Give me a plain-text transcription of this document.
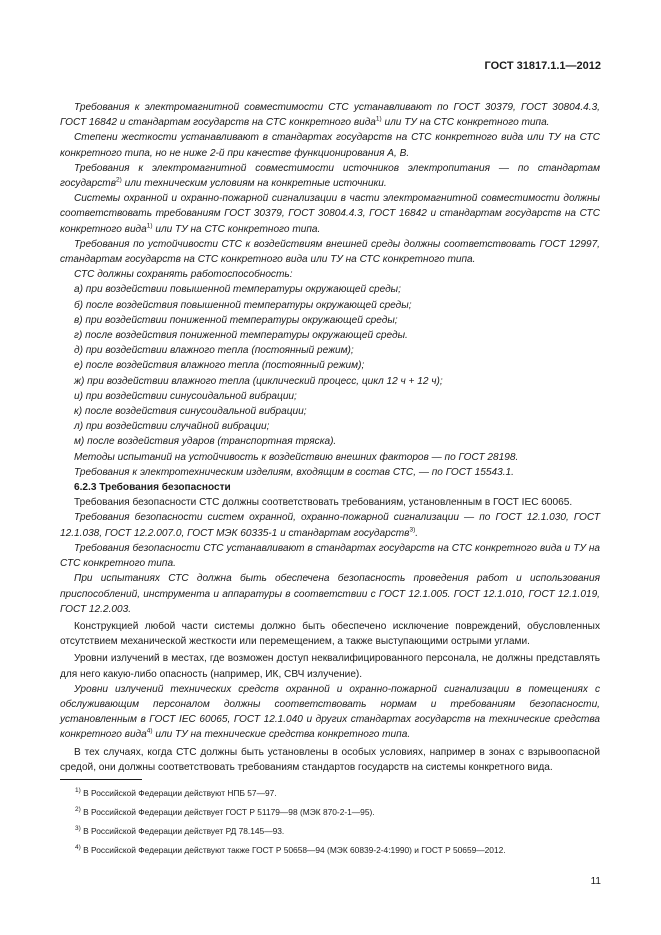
ГОСТ 31817.1.1—2012

Требования к электромагнитной совместимости СТС устанавливают по ГОСТ 30379, ГОСТ 30804.4.3, ГОСТ 16842 и стандартам государств на СТС конкретного вида$^{1)}$ или ТУ на СТС конкретного типа.

Степени жесткости устанавливают в стандартах государств на СТС конкретного вида или ТУ на СТС конкретного типа, но не ниже 2-й при качестве функционирования А, В.

Требования к электромагнитной совместимости источников электропитания — по стандартам государств$^{2)}$ или техническим условиям на конкретные источники.

Системы охранной и охранно-пожарной сигнализации в части электромагнитной совместимости должны соответствовать требованиям ГОСТ 30379, ГОСТ 30804.4.3, ГОСТ 16842 и стандартам государств на СТС конкретного вида$^{1)}$ или ТУ на СТС конкретного типа.

Требования по устойчивости СТС к воздействиям внешней среды должны соответствовать ГОСТ 12997, стандартам государств на СТС конкретного вида или ТУ на СТС конкретного типа.

СТС должны сохранять работоспособность:

а) при воздействии повышенной температуры окружающей среды;

б) после воздействия повышенной температуры окружающей среды;

в) при воздействии пониженной температуры окружающей среды;

г) после воздействия пониженной температуры окружающей среды.

д) при воздействии влажного тепла (постоянный режим);

е) после воздействия влажного тепла (постоянный режим);

ж) при воздействии влажного тепла (циклический процесс, цикл 12 ч + 12 ч);

и) при воздействии синусоидальной вибрации;

к) после воздействия синусоидальной вибрации;

л) при воздействии случайной вибрации;

м) после воздействия ударов (транспортная тряска).

Методы испытаний на устойчивость к воздействию внешних факторов — по ГОСТ 28198.

Требования к электротехническим изделиям, входящим в состав СТС, — по ГОСТ 15543.1.

6.2.3 Требования безопасности

Требования безопасности СТС должны соответствовать требованиям, установленным в ГОСТ IEC 60065.

Требования безопасности систем охранной, охранно-пожарной сигнализации — по ГОСТ 12.1.030, ГОСТ 12.1.038, ГОСТ 12.2.007.0, ГОСТ МЭК 60335-1 и стандартам государств$^{3)}$.

Требования безопасности СТС устанавливают в стандартах государств на СТС конкретного вида и ТУ на СТС конкретного типа.

При испытаниях СТС должна быть обеспечена безопасность проведения работ и использования приспособлений, инструмента и аппаратуры в соответствии с ГОСТ 12.1.005. ГОСТ 12.1.010, ГОСТ 12.1.019, ГОСТ 12.2.003.

Конструкцией любой части системы должно быть обеспечено исключение повреждений, обусловленных отсутствием механической жесткости или перемещением, а также выступающими острыми углами.

Уровни излучений в местах, где возможен доступ неквалифицированного персонала, не должны представлять для него какую-либо опасность (например, ИК, СВЧ излучение).

Уровни излучений технических средств охранной и охранно-пожарной сигнализации в помещениях с обслуживающим персоналом должны соответствовать нормам и требованиям безопасности, установленным в ГОСТ IEC 60065, ГОСТ 12.1.040 и других стандартах государств на технические средства конкретного вида$^{4)}$ или ТУ на технические средства конкретного типа.

В тех случаях, когда СТС должны быть установлены в особых условиях, например в зонах с взрывоопасной средой, они должны соответствовать требованиям стандартов государств на системы конкретного вида.

$^{1)}$ В Российской Федерации действуют НПБ 57—97.

$^{2)}$ В Российской Федерации действует ГОСТ Р 51179—98 (МЭК 870-2-1—95).

$^{3)}$ В Российской Федерации действует РД 78.145—93.

$^{4)}$ В Российской Федерации действуют также ГОСТ Р 50658—94 (МЭК 60839-2-4:1990) и ГОСТ Р 50659—2012.

11
